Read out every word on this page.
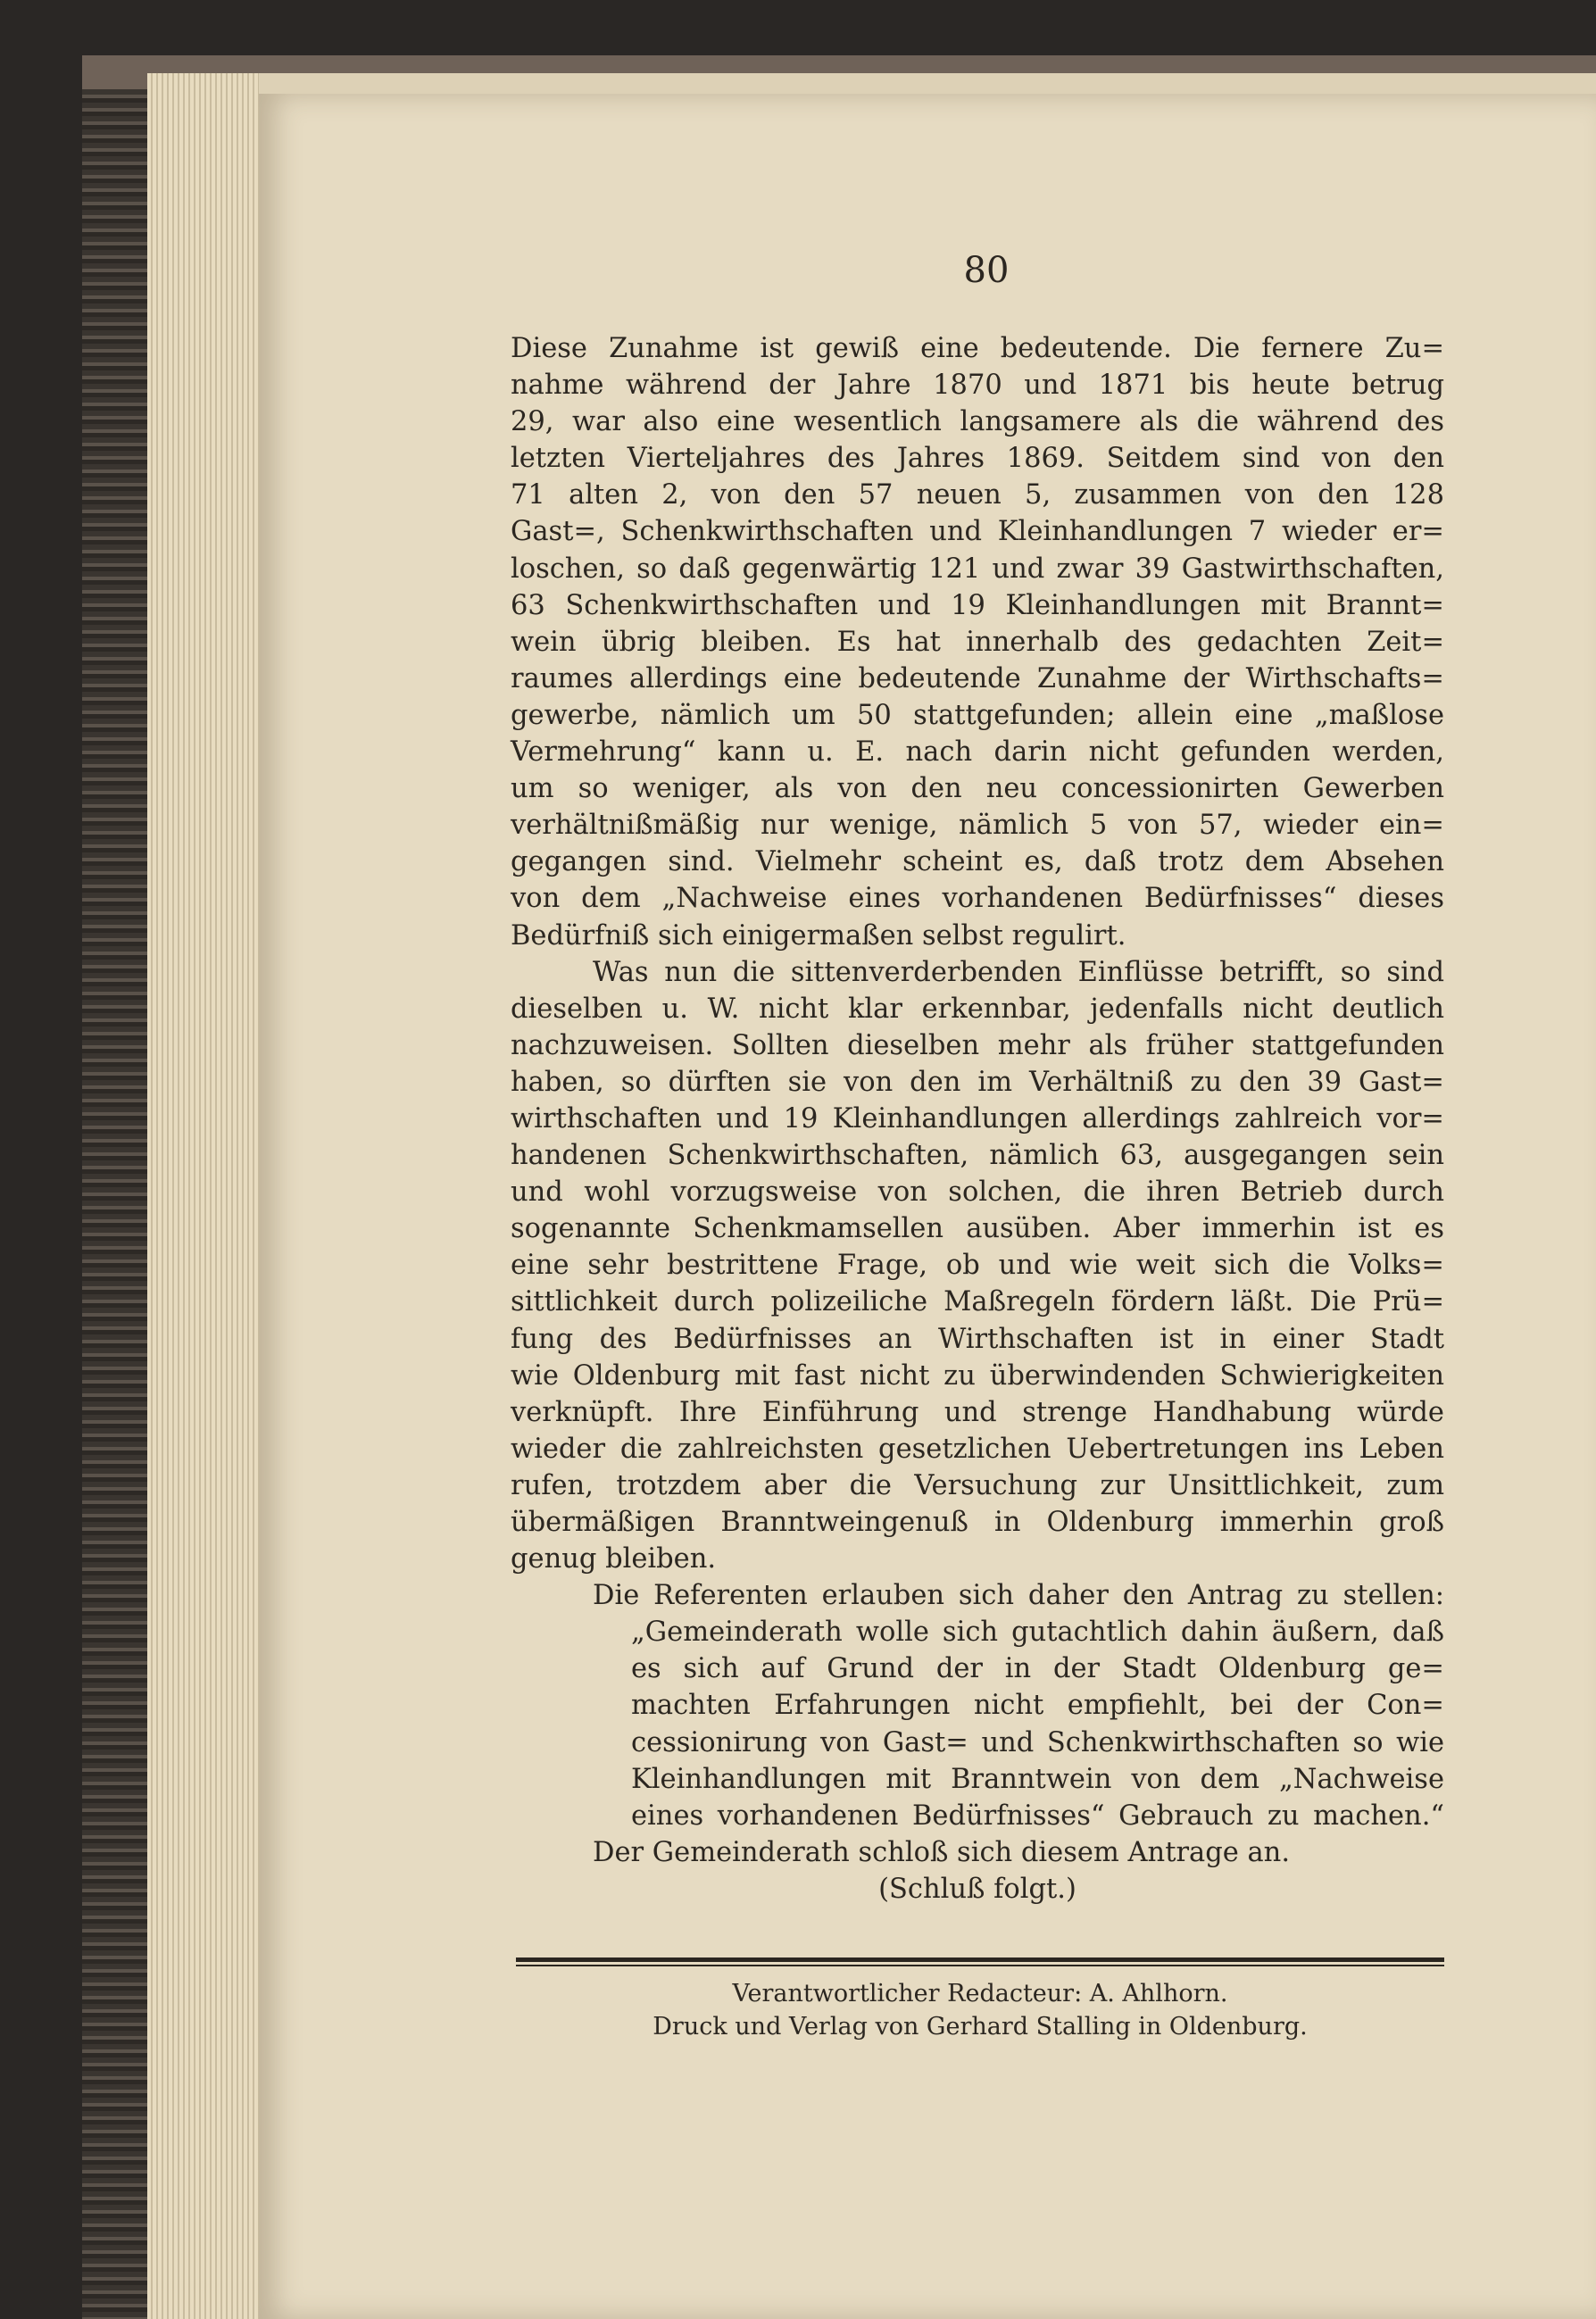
80
Diese Zunahme ist gewiß eine bedeutende. Die fernere Zu=
nahme während der Jahre 1870 und 1871 bis heute betrug
29, war also eine wesentlich langsamere als die während des
letzten Vierteljahres des Jahres 1869. Seitdem sind von den
71 alten 2, von den 57 neuen 5, zusammen von den 128
Gast=, Schenkwirthschaften und Kleinhandlungen 7 wieder er=
loschen, so daß gegenwärtig 121 und zwar 39 Gastwirthschaften,
63 Schenkwirthschaften und 19 Kleinhandlungen mit Brannt=
wein übrig bleiben. Es hat innerhalb des gedachten Zeit=
raumes allerdings eine bedeutende Zunahme der Wirthschafts=
gewerbe, nämlich um 50 stattgefunden; allein eine „maßlose
Vermehrung“ kann u. E. nach darin nicht gefunden werden,
um so weniger, als von den neu concessionirten Gewerben
verhältnißmäßig nur wenige, nämlich 5 von 57, wieder ein=
gegangen sind. Vielmehr scheint es, daß trotz dem Absehen
von dem „Nachweise eines vorhandenen Bedürfnisses“ dieses
Bedürfniß sich einigermaßen selbst regulirt.
Was nun die sittenverderbenden Einflüsse betrifft, so sind
dieselben u. W. nicht klar erkennbar, jedenfalls nicht deutlich
nachzuweisen. Sollten dieselben mehr als früher stattgefunden
haben, so dürften sie von den im Verhältniß zu den 39 Gast=
wirthschaften und 19 Kleinhandlungen allerdings zahlreich vor=
handenen Schenkwirthschaften, nämlich 63, ausgegangen sein
und wohl vorzugsweise von solchen, die ihren Betrieb durch
sogenannte Schenkmamsellen ausüben. Aber immerhin ist es
eine sehr bestrittene Frage, ob und wie weit sich die Volks=
sittlichkeit durch polizeiliche Maßregeln fördern läßt. Die Prü=
fung des Bedürfnisses an Wirthschaften ist in einer Stadt
wie Oldenburg mit fast nicht zu überwindenden Schwierigkeiten
verknüpft. Ihre Einführung und strenge Handhabung würde
wieder die zahlreichsten gesetzlichen Uebertretungen ins Leben
rufen, trotzdem aber die Versuchung zur Unsittlichkeit, zum
übermäßigen Branntweingenuß in Oldenburg immerhin groß
genug bleiben.
Die Referenten erlauben sich daher den Antrag zu stellen:
„Gemeinderath wolle sich gutachtlich dahin äußern, daß
es sich auf Grund der in der Stadt Oldenburg ge=
machten Erfahrungen nicht empfiehlt, bei der Con=
cessionirung von Gast= und Schenkwirthschaften so wie
Kleinhandlungen mit Branntwein von dem „Nachweise
eines vorhandenen Bedürfnisses“ Gebrauch zu machen.“
Der Gemeinderath schloß sich diesem Antrage an.
(Schluß folgt.)
Verantwortlicher Redacteur: A. Ahlhorn.
Druck und Verlag von Gerhard Stalling in Oldenburg.
